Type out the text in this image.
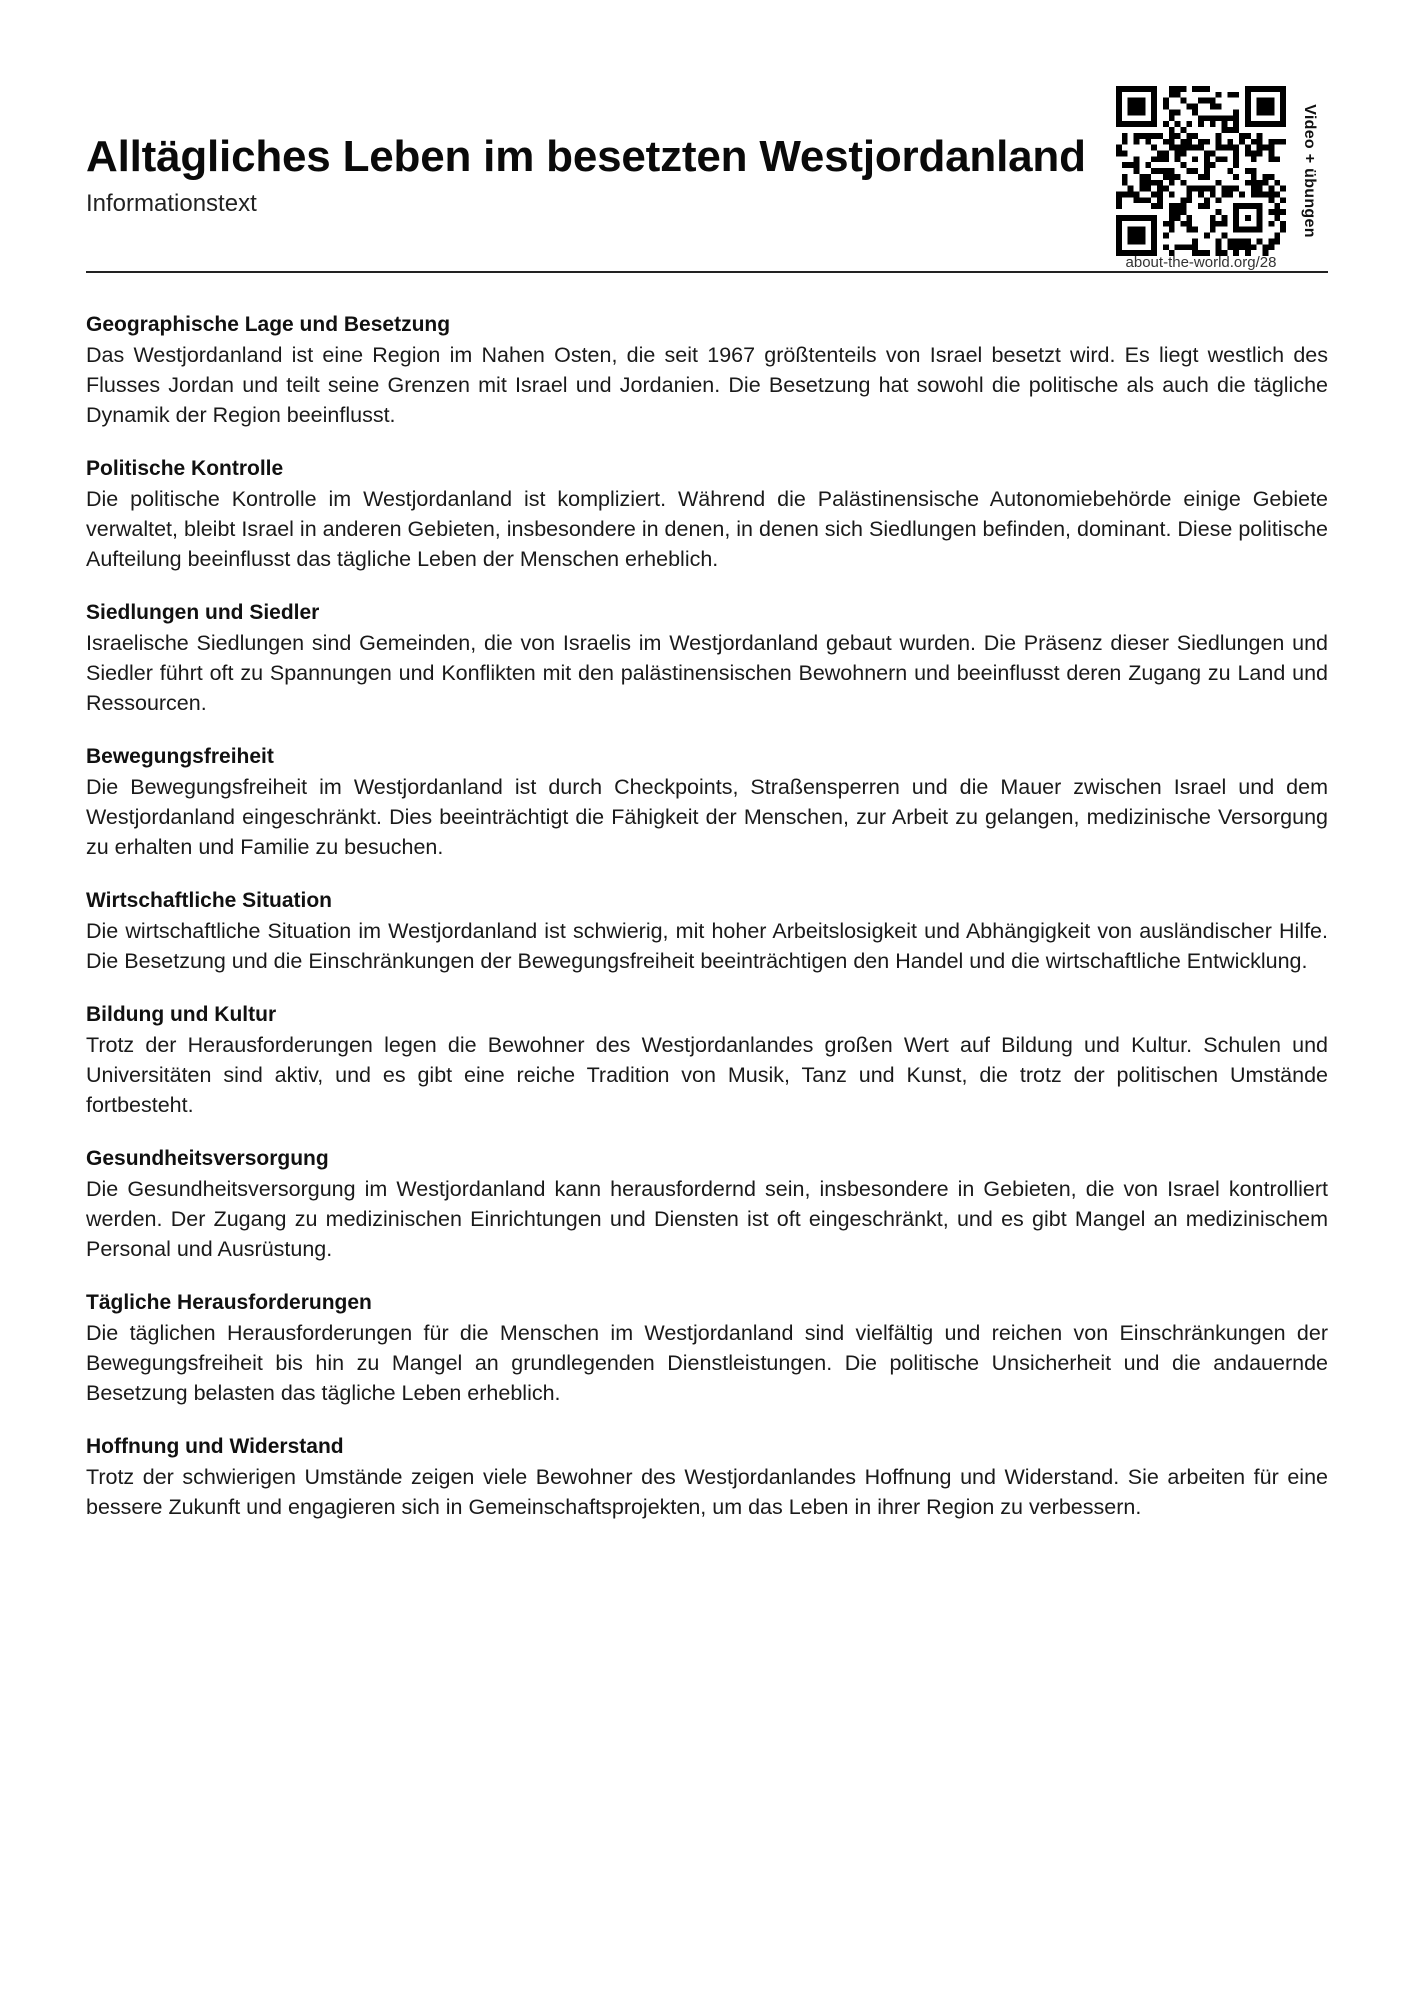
Alltägliches Leben im besetzten Westjordanland
Informationstext
about-the-world.org/28
Video + übungen
Geographische Lage und Besetzung

Das Westjordanland ist eine Region im Nahen Osten, die seit 1967 größtenteils von Israel besetzt wird. Es liegt westlich des Flusses Jordan und teilt seine Grenzen mit Israel und Jordanien. Die Besetzung hat sowohl die politische als auch die tägliche Dynamik der Region beeinflusst.

Politische Kontrolle

Die politische Kontrolle im Westjordanland ist kompliziert. Während die Palästinensische Autonomiebehörde einige Gebiete verwaltet, bleibt Israel in anderen Gebieten, insbesondere in denen, in denen sich Siedlungen befinden, dominant. Diese politische Aufteilung beeinflusst das tägliche Leben der Menschen erheblich.

Siedlungen und Siedler

Israelische Siedlungen sind Gemeinden, die von Israelis im Westjordanland gebaut wurden. Die Präsenz dieser Siedlungen und Siedler führt oft zu Spannungen und Konflikten mit den palästinensischen Bewohnern und beeinflusst deren Zugang zu Land und Ressourcen.

Bewegungsfreiheit

Die Bewegungsfreiheit im Westjordanland ist durch Checkpoints, Straßensperren und die Mauer zwischen Israel und dem Westjordanland eingeschränkt. Dies beeinträchtigt die Fähigkeit der Menschen, zur Arbeit zu gelangen, medizinische Versorgung zu erhalten und Familie zu besuchen.

Wirtschaftliche Situation

Die wirtschaftliche Situation im Westjordanland ist schwierig, mit hoher Arbeitslosigkeit und Abhängigkeit von ausländischer Hilfe. Die Besetzung und die Einschränkungen der Bewegungsfreiheit beeinträchtigen den Handel und die wirtschaftliche Entwicklung.

Bildung und Kultur

Trotz der Herausforderungen legen die Bewohner des Westjordanlandes großen Wert auf Bildung und Kultur. Schulen und Universitäten sind aktiv, und es gibt eine reiche Tradition von Musik, Tanz und Kunst, die trotz der politischen Umstände fortbesteht.

Gesundheitsversorgung

Die Gesundheitsversorgung im Westjordanland kann herausfordernd sein, insbesondere in Gebieten, die von Israel kontrolliert werden. Der Zugang zu medizinischen Einrichtungen und Diensten ist oft eingeschränkt, und es gibt Mangel an medizinischem Personal und Ausrüstung.

Tägliche Herausforderungen

Die täglichen Herausforderungen für die Menschen im Westjordanland sind vielfältig und reichen von Einschränkungen der Bewegungsfreiheit bis hin zu Mangel an grundlegenden Dienstleistungen. Die politische Unsicherheit und die andauernde Besetzung belasten das tägliche Leben erheblich.

Hoffnung und Widerstand

Trotz der schwierigen Umstände zeigen viele Bewohner des Westjordanlandes Hoffnung und Widerstand. Sie arbeiten für eine bessere Zukunft und engagieren sich in Gemeinschaftsprojekten, um das Leben in ihrer Region zu verbessern.
